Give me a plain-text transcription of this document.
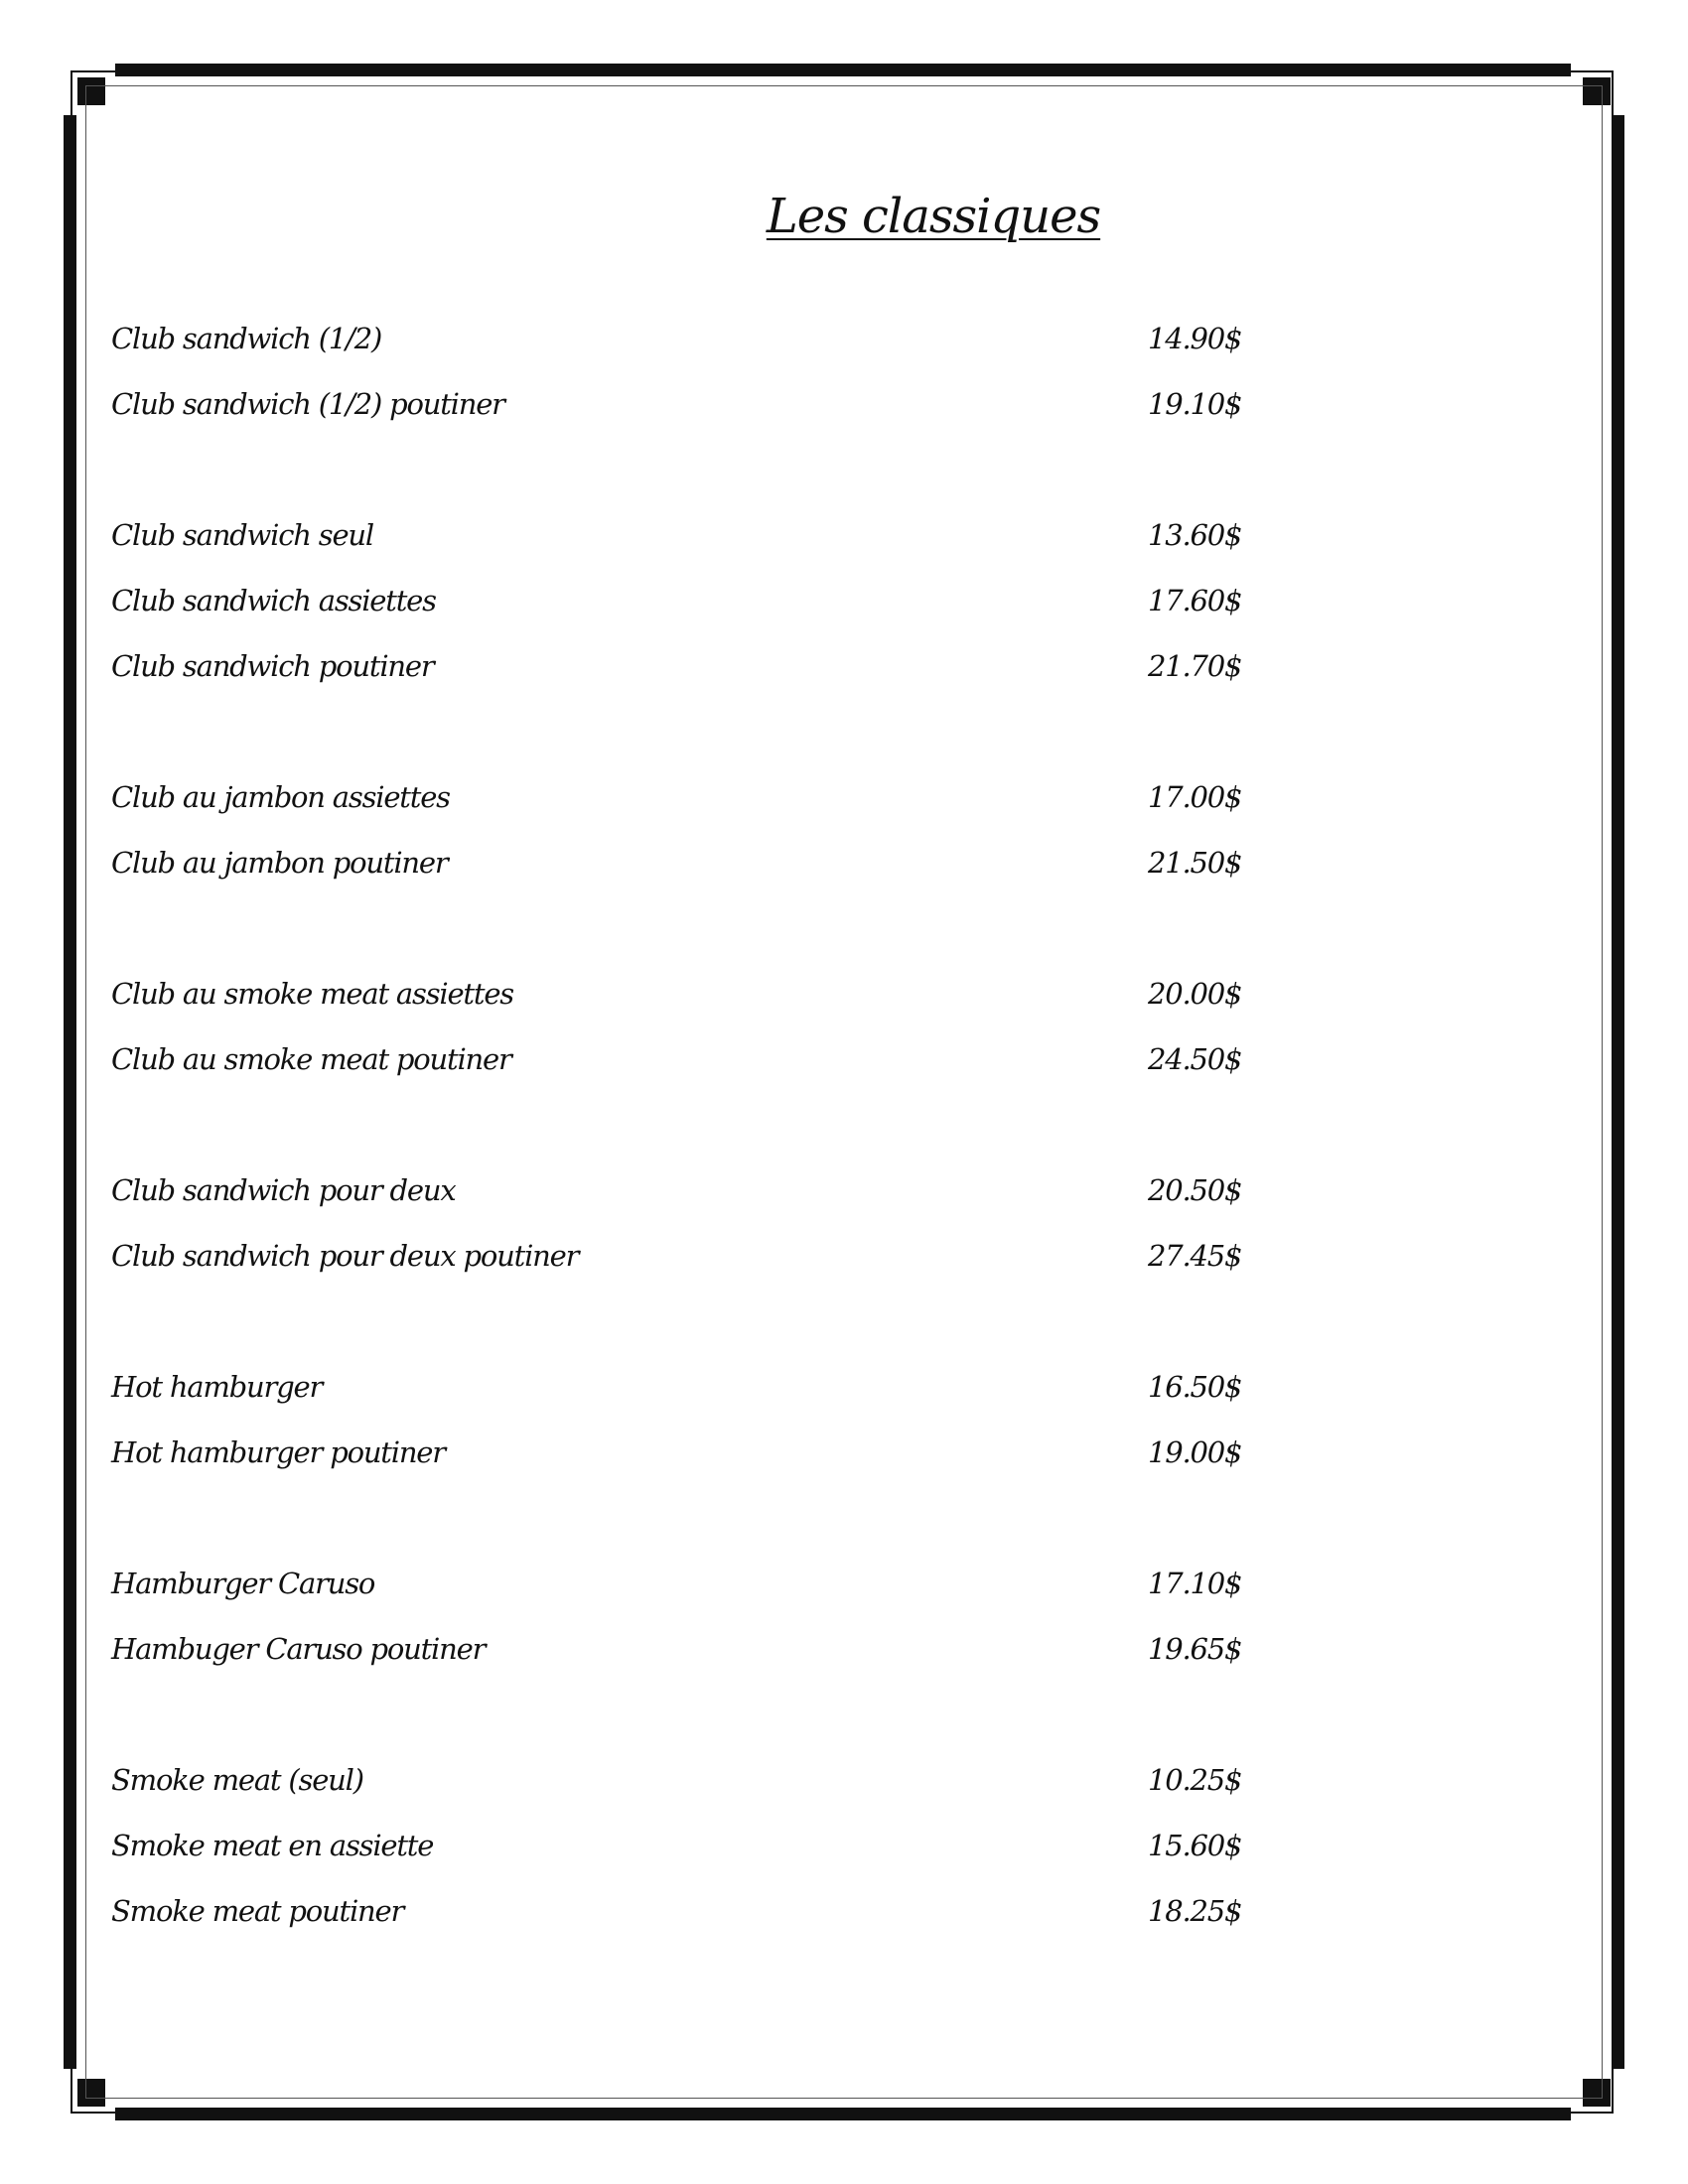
Les classiques
Club sandwich (1/2)	14.90$
Club sandwich (1/2) poutiner	19.10$
Club sandwich seul	13.60$
Club sandwich assiettes	17.60$
Club sandwich poutiner	21.70$
Club au jambon assiettes	17.00$
Club au jambon poutiner	21.50$
Club au smoke meat assiettes	20.00$
Club au smoke meat poutiner	24.50$
Club sandwich pour deux	20.50$
Club sandwich pour deux poutiner	27.45$
Hot hamburger	16.50$
Hot hamburger poutiner	19.00$
Hamburger Caruso	17.10$
Hambuger Caruso poutiner	19.65$
Smoke meat (seul)	10.25$
Smoke meat en assiette	15.60$
Smoke meat poutiner	18.25$
